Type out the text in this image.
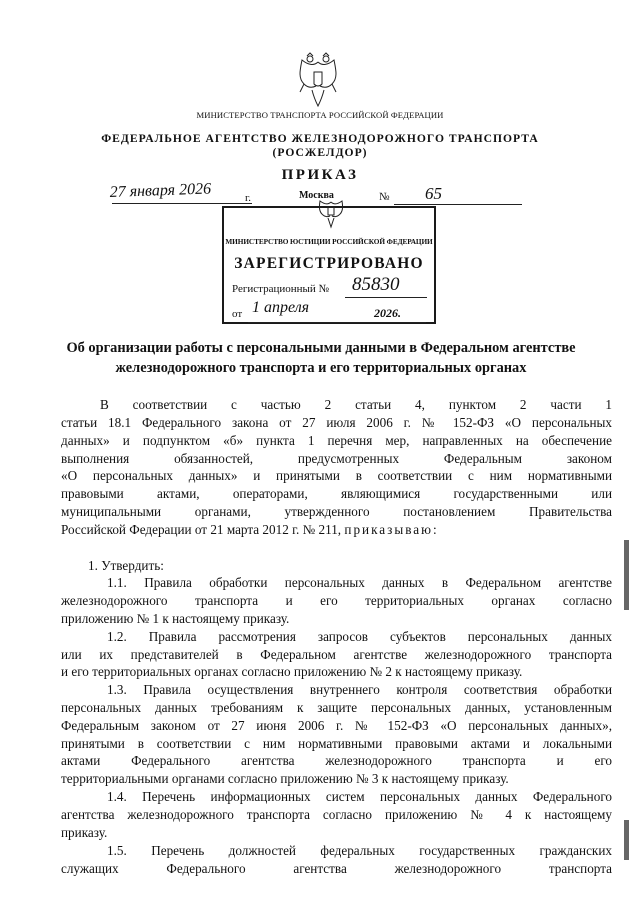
МИНИСТЕРСТВО ТРАНСПОРТА РОССИЙСКОЙ ФЕДЕРАЦИИ
ФЕДЕРАЛЬНОЕ АГЕНТСТВО ЖЕЛЕЗНОДОРОЖНОГО ТРАНСПОРТА
(РОСЖЕЛДОР)
ПРИКАЗ
27 января 2026	г.	Москва	№ 65
МИНИСТЕРСТВО ЮСТИЦИИ РОССИЙСКОЙ ФЕДЕРАЦИИ
ЗАРЕГИСТРИРОВАНО
Регистрационный № 85830
от 1 апреля	2026.
Об организации работы с персональными данными в Федеральном агентстве
железнодорожного транспорта и его территориальных органах
В соответствии с частью 2 статьи 4, пунктом 2 части 1
статьи 18.1 Федерального закона от 27 июля 2006 г. № 152-ФЗ «О персональных
данных» и подпунктом «б» пункта 1 перечня мер, направленных на обеспечение
выполнения обязанностей, предусмотренных Федеральным законом
«О персональных данных» и принятыми в соответствии с ним нормативными
правовыми актами, операторами, являющимися государственными или
муниципальными органами, утвержденного постановлением Правительства
Российской Федерации от 21 марта 2012 г. № 211, приказываю:
1. Утвердить:
1.1. Правила обработки персональных данных в Федеральном агентстве
железнодорожного транспорта и его территориальных органах согласно
приложению № 1 к настоящему приказу.
1.2. Правила рассмотрения запросов субъектов персональных данных
или их представителей в Федеральном агентстве железнодорожного транспорта
и его территориальных органах согласно приложению № 2 к настоящему приказу.
1.3. Правила осуществления внутреннего контроля соответствия обработки
персональных данных требованиям к защите персональных данных, установленным
Федеральным законом от 27 июня 2006 г. № 152-ФЗ «О персональных данных»,
принятыми в соответствии с ним нормативными правовыми актами и локальными
актами Федерального агентства железнодорожного транспорта и его
территориальными органами согласно приложению № 3 к настоящему приказу.
1.4. Перечень информационных систем персональных данных Федерального
агентства железнодорожного транспорта согласно приложению № 4 к настоящему
приказу.
1.5. Перечень должностей федеральных государственных гражданских
служащих Федерального агентства железнодорожного транспорта
